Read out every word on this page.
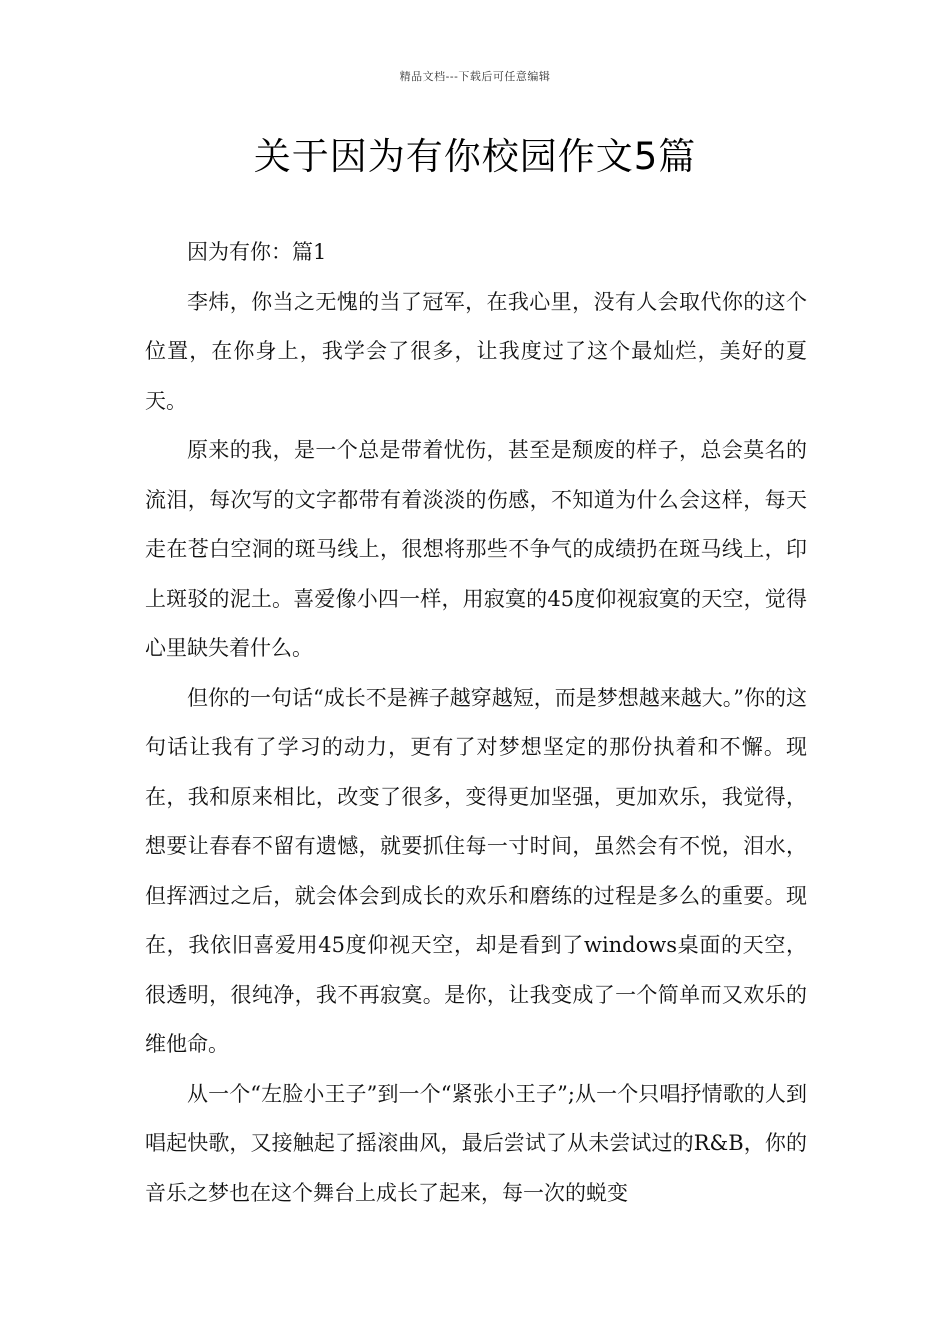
精品文档---下载后可任意编辑
关于因为有你校园作文5篇

因为有你：篇1

李炜，你当之无愧的当了冠军，在我心里，没有人会取代你的这个位置，在你身上，我学会了很多，让我度过了这个最灿烂，美好的夏天。

原来的我，是一个总是带着忧伤，甚至是颓废的样子，总会莫名的流泪，每次写的文字都带有着淡淡的伤感，不知道为什么会这样，每天走在苍白空洞的斑马线上，很想将那些不争气的成绩扔在斑马线上，印上斑驳的泥土。喜爱像小四一样，用寂寞的45度仰视寂寞的天空，觉得心里缺失着什么。

但你的一句话“成长不是裤子越穿越短，而是梦想越来越大。”你的这句话让我有了学习的动力，更有了对梦想坚定的那份执着和不懈。现在，我和原来相比，改变了很多，变得更加坚强，更加欢乐，我觉得，想要让春春不留有遗憾，就要抓住每一寸时间，虽然会有不悦，泪水，但挥洒过之后，就会体会到成长的欢乐和磨练的过程是多么的重要。现在，我依旧喜爱用45度仰视天空，却是看到了windows桌面的天空，很透明，很纯净，我不再寂寞。是你，让我变成了一个简单而又欢乐的维他命。

从一个“左脸小王子”到一个“紧张小王子”;从一个只唱抒情歌的人到唱起快歌，又接触起了摇滚曲风，最后尝试了从未尝试过的R&B，你的音乐之梦也在这个舞台上成长了起来，每一次的蜕变
